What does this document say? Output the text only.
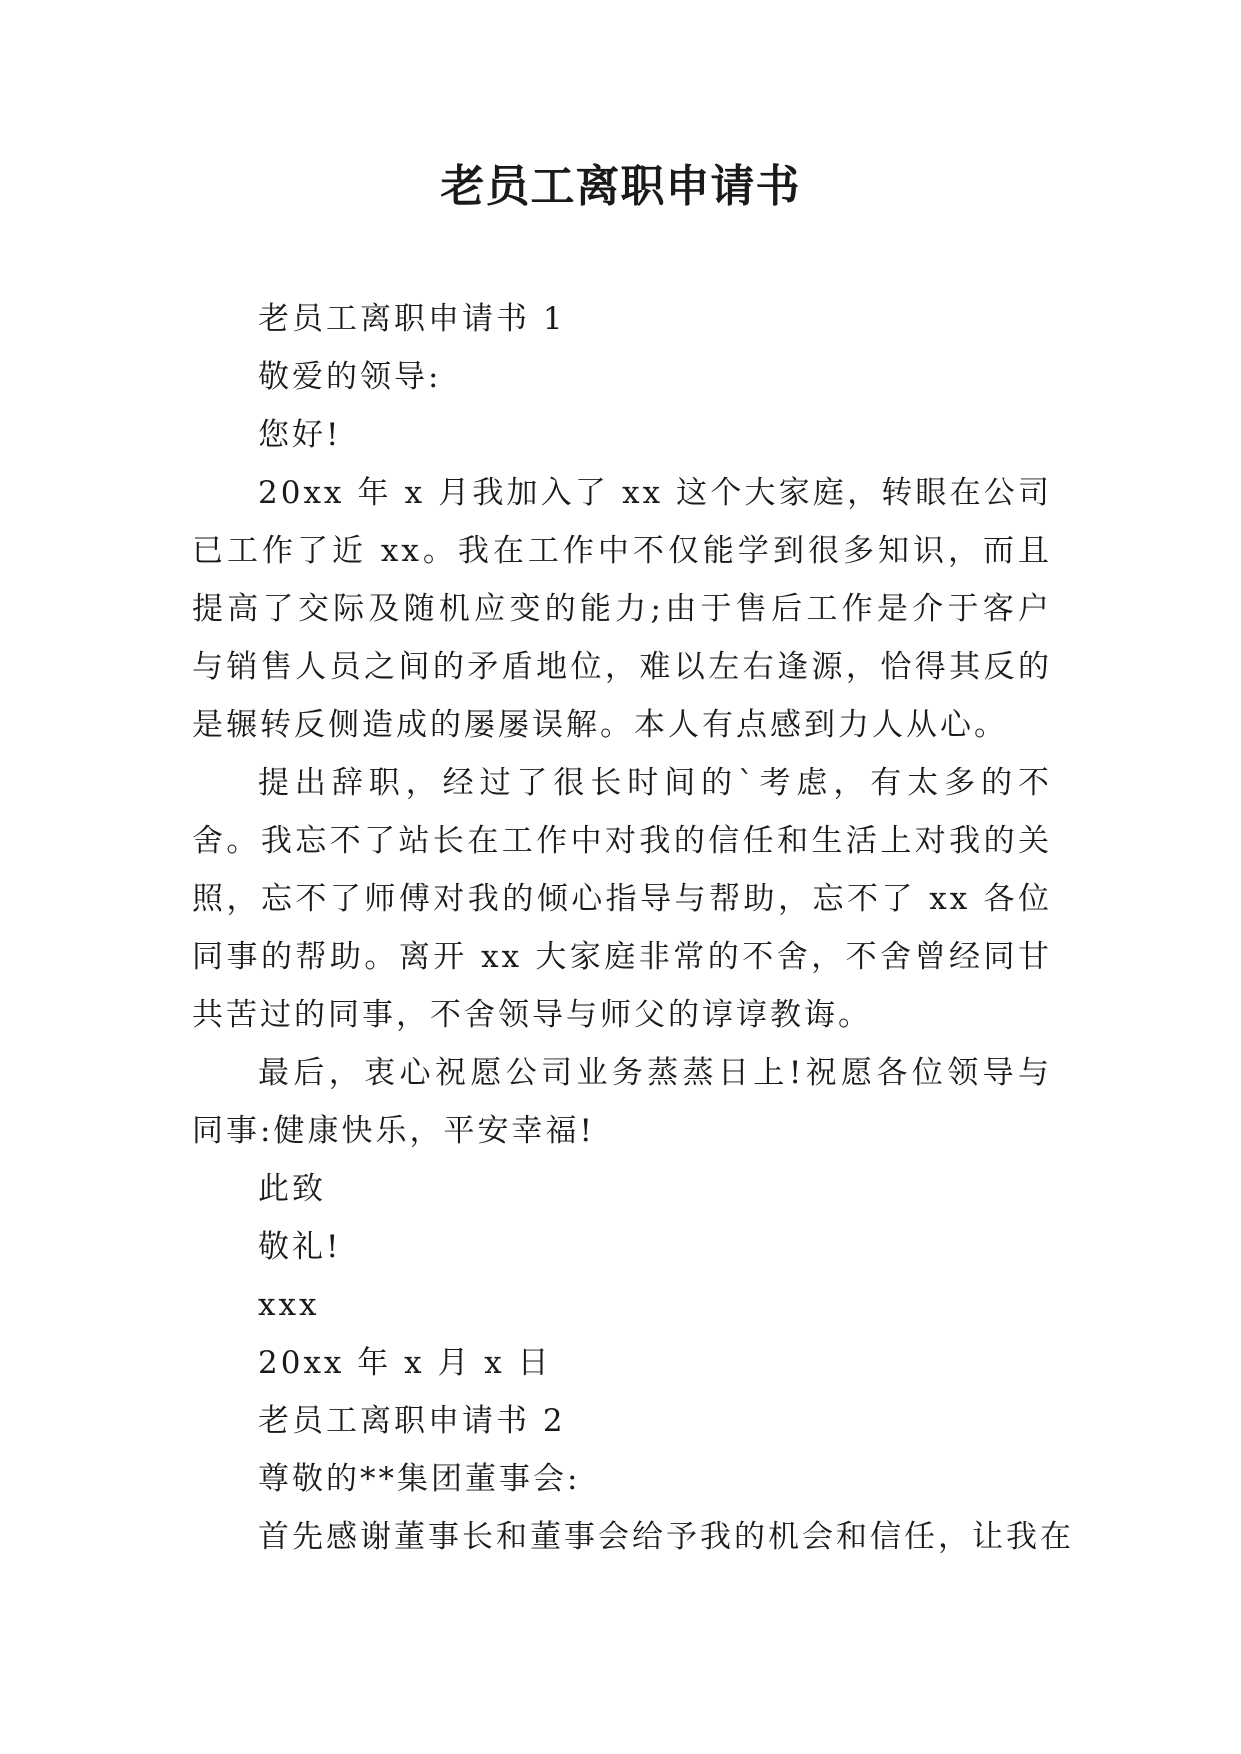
老员工离职申请书
老员工离职申请书 1
敬爱的领导:
您好!

20xx 年 x 月我加入了 xx 这个大家庭，转眼在公司已工作了近 xx。我在工作中不仅能学到很多知识，而且提高了交际及随机应变的能力;由于售后工作是介于客户与销售人员之间的矛盾地位，难以左右逢源，恰得其反的是辗转反侧造成的屡屡误解。本人有点感到力人从心。

提出辞职，经过了很长时间的`考虑，有太多的不舍。我忘不了站长在工作中对我的信任和生活上对我的关照，忘不了师傅对我的倾心指导与帮助，忘不了 xx 各位同事的帮助。离开 xx 大家庭非常的不舍，不舍曾经同甘共苦过的同事，不舍领导与师父的谆谆教诲。

最后，衷心祝愿公司业务蒸蒸日上!祝愿各位领导与同事:健康快乐，平安幸福!

此致
敬礼!
xxx
20xx 年 x 月 x 日
老员工离职申请书 2
尊敬的**集团董事会:
首先感谢董事长和董事会给予我的机会和信任，让我在
